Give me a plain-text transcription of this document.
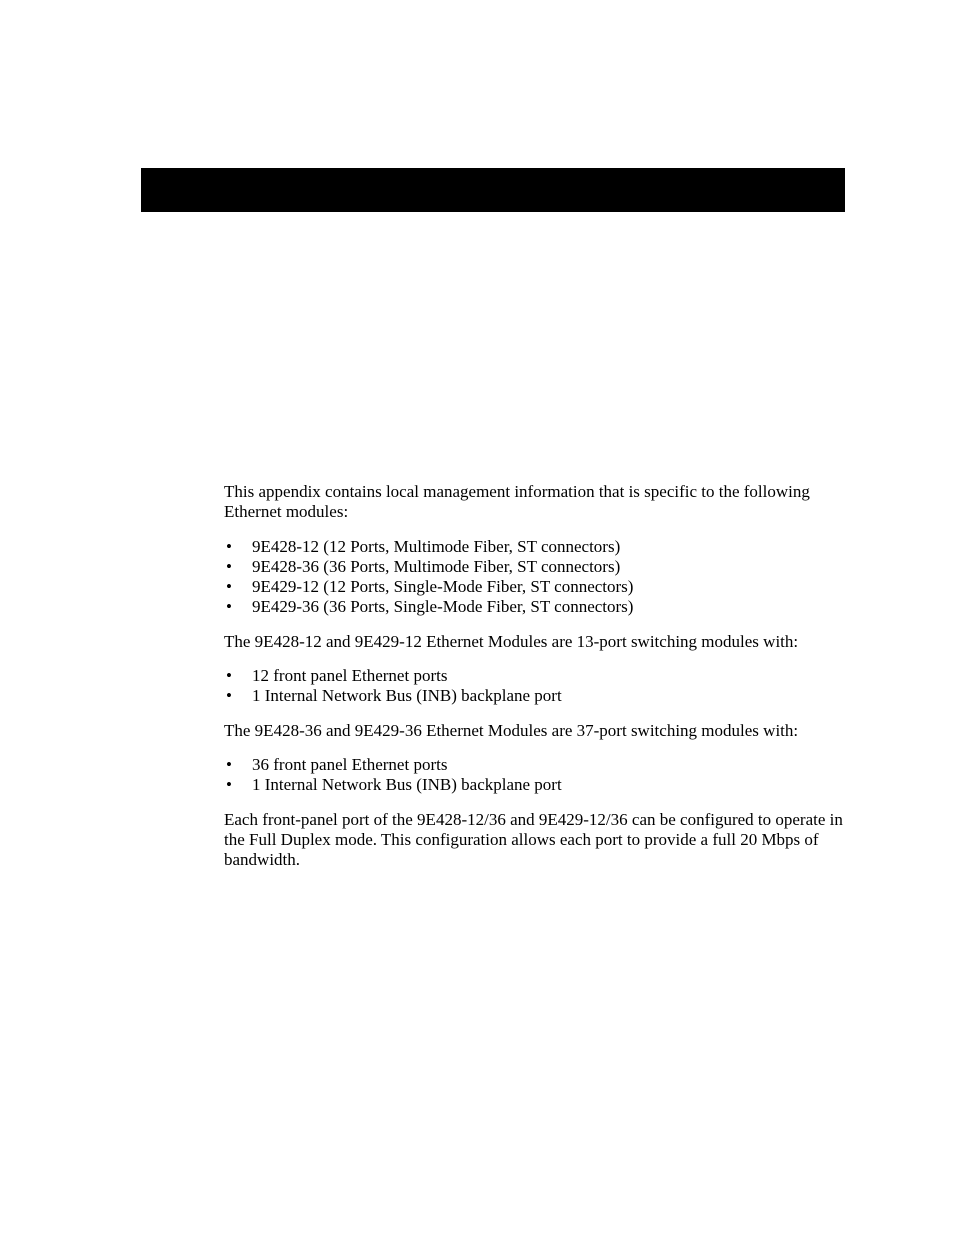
This appendix contains local management information that is specific to the following Ethernet modules:

• 9E428-12 (12 Ports, Multimode Fiber, ST connectors)
• 9E428-36 (36 Ports, Multimode Fiber, ST connectors)
• 9E429-12 (12 Ports, Single-Mode Fiber, ST connectors)
• 9E429-36 (36 Ports, Single-Mode Fiber, ST connectors)

The 9E428-12 and 9E429-12 Ethernet Modules are 13-port switching modules with:

• 12 front panel Ethernet ports
• 1 Internal Network Bus (INB) backplane port

The 9E428-36 and 9E429-36 Ethernet Modules are 37-port switching modules with:

• 36 front panel Ethernet ports
• 1 Internal Network Bus (INB) backplane port

Each front-panel port of the 9E428-12/36 and 9E429-12/36 can be configured to operate in the Full Duplex mode. This configuration allows each port to provide a full 20 Mbps of bandwidth.
